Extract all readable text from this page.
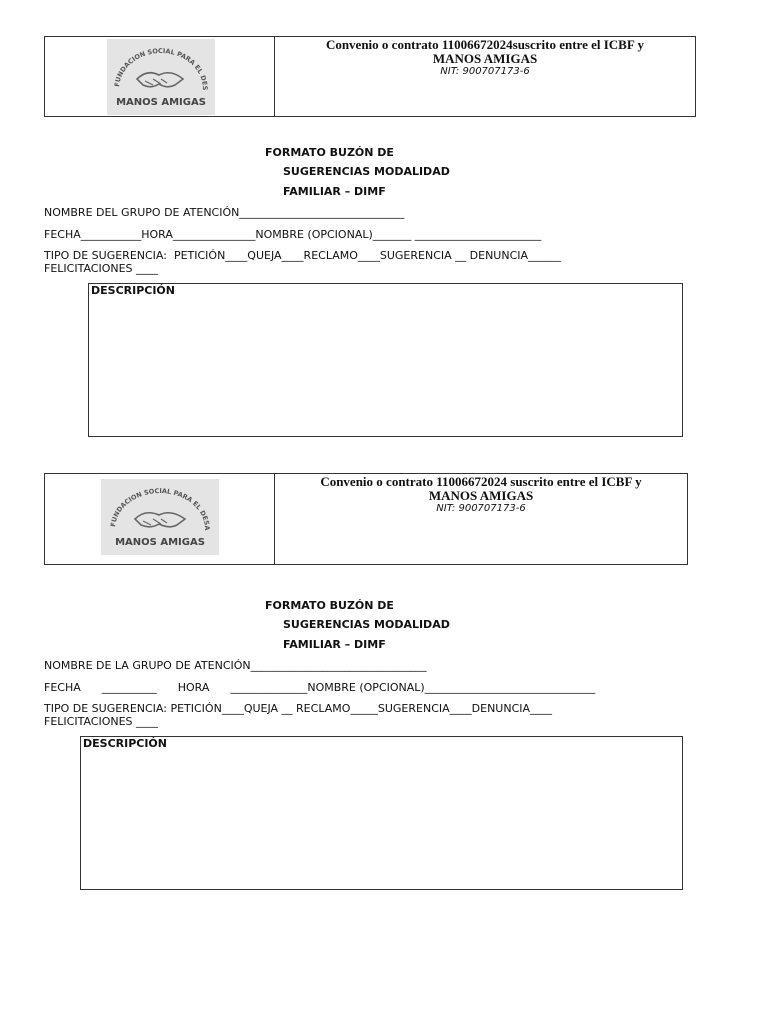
FUNDACION SOCIAL PARA EL DES
MANOS AMIGAS
Convenio o contrato 11006672024suscrito entre el ICBF y
MANOS AMIGAS
NIT: 900707173-6
FORMATO BUZÓN DE
SUGERENCIAS MODALIDAD
FAMILIAR – DIMF
NOMBRE DEL GRUPO DE ATENCIÓN______________________________
FECHA___________HORA_______________NOMBRE (OPCIONAL)_______ _______________________
TIPO DE SUGERENCIA:  PETICIÓN____QUEJA____RECLAMO____SUGERENCIA __ DENUNCIA______
FELICITACIONES ____
DESCRIPCIÓN
FUNDACION SOCIAL PARA EL DESA
MANOS AMIGAS
Convenio o contrato 11006672024 suscrito entre el ICBF y
MANOS AMIGAS
NIT: 900707173-6
FORMATO BUZÓN DE
SUGERENCIAS MODALIDAD
FAMILIAR – DIMF
NOMBRE DE LA GRUPO DE ATENCIÓN________________________________
FECHA      __________      HORA      ______________NOMBRE (OPCIONAL)_______________________________
TIPO DE SUGERENCIA: PETICIÓN____QUEJA __ RECLAMO_____SUGERENCIA____DENUNCIA____
FELICITACIONES ____
DESCRIPCIÓN
